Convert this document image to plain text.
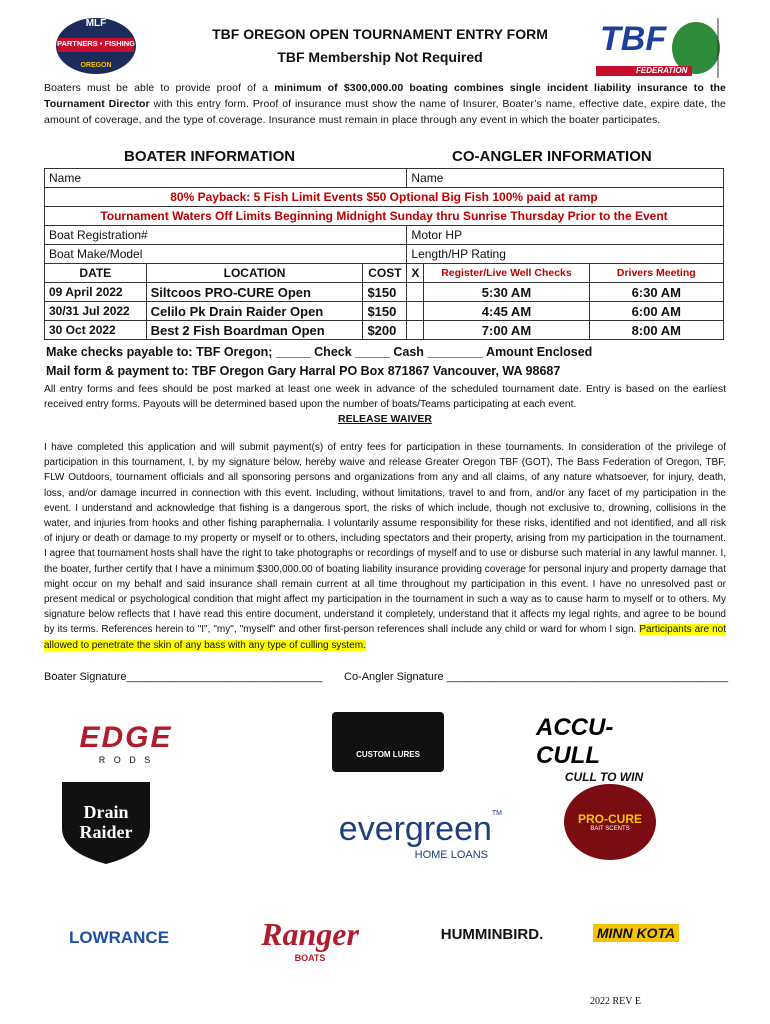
MLF
PARTNERS • FISHING
OREGON
TBF OREGON OPEN TOURNAMENT ENTRY FORM
TBF Membership Not Required	TBF
FEDERATION
Boaters must be able to provide proof of a minimum of $300,000.00 boating combines single incident liability insurance to the Tournament Director with this entry form. Proof of insurance must show the name of Insurer, Boater’s name, effective date, expire date, the amount of coverage, and the type of coverage. Insurance must remain in place through any event in which the boater participates.
BOATER INFORMATION	CO-ANGLER INFORMATION
Name			Name		
80% Payback: 5 Fish Limit Events $50 Optional Big Fish 100% paid at ramp					
Tournament Waters Off Limits Beginning Midnight Sunday thru Sunrise Thursday Prior to the Event					
Boat Registration#			Motor HP		
Boat Make/Model			Length/HP Rating		
DATE	LOCATION	COST	X	Register/Live Well Checks	Drivers Meeting
09 April 2022	Siltcoos PRO-CURE Open	$150		5:30 AM	6:30 AM
30/31 Jul 2022	Celilo Pk Drain Raider Open	$150		4:45 AM	6:00 AM
30 Oct 2022	Best 2 Fish Boardman Open	$200		7:00 AM	8:00 AM
Make checks payable to: TBF Oregon; _____ Check _____ Cash ________ Amount Enclosed
Mail form & payment to: TBF Oregon Gary Harral PO Box 871867 Vancouver, WA 98687
All entry forms and fees should be post marked at least one week in advance of the scheduled tournament date. Entry is based on the earliest received entry forms. Payouts will be determined based upon the number of boats/Teams participating at each event.
RELEASE WAIVER
I have completed this application and will submit payment(s) of entry fees for participation in these tournaments. In consideration of the privilege of participation in this tournament, I, by my signature below, hereby waive and release Greater Oregon TBF (GOT), The Bass Federation of Oregon, TBF, FLW Outdoors, tournament officials and all sponsoring persons and organizations from any and all claims, of any nature whatsoever, for injury, death, loss, and/or damage incurred in connection with this event. Including, without limitations, travel to and from, and/or any facet of my participation in the event. I understand and acknowledge that fishing is a dangerous sport, the risks of which include, though not exclusive to, drowning, collisions in the water, and injuries from hooks and other fishing paraphernalia. I voluntarily assume responsibility for these risks, identified and not identified, and all risk of injury or death or damage to my property or myself or to others, including spectators and their property, arising from my participation in the tournament. I agree that tournament hosts shall have the right to take photographs or recordings of myself and to use or disburse such material in any lawful manner. I, the boater, further certify that I have a minimum $300,000.00 of boating liability insurance providing coverage for personal injury and property damage that might occur on my behalf and said insurance shall remain current at all time throughout my participation in this event. I have no unresolved past or present medical or psychological condition that might affect my participation in the tournament in such a way as to cause harm to myself or to others. My signature below reflects that I have read this entire document, understand it completely, understand that it affects my legal rights, and agree to be bound by its terms. References herein to "I", "my", "myself" and other first-person references shall include any child or ward for whom I sign. Participants are not allowed to penetrate the skin of any bass with any type of culling system.
Boater Signature________________________________ Co-Angler Signature ______________________________________________
EDGE
R O D S
CUSTOM LURES
ACCU-CULL
CULL TO WIN
Drain
Raider	evergreen TM
HOME LOANS
PRO-CURE
BAIT SCENTS
LOWRANCE	Ranger
BOATS
HUMMINBIRD.	MINN KOTA
2022 REV E
